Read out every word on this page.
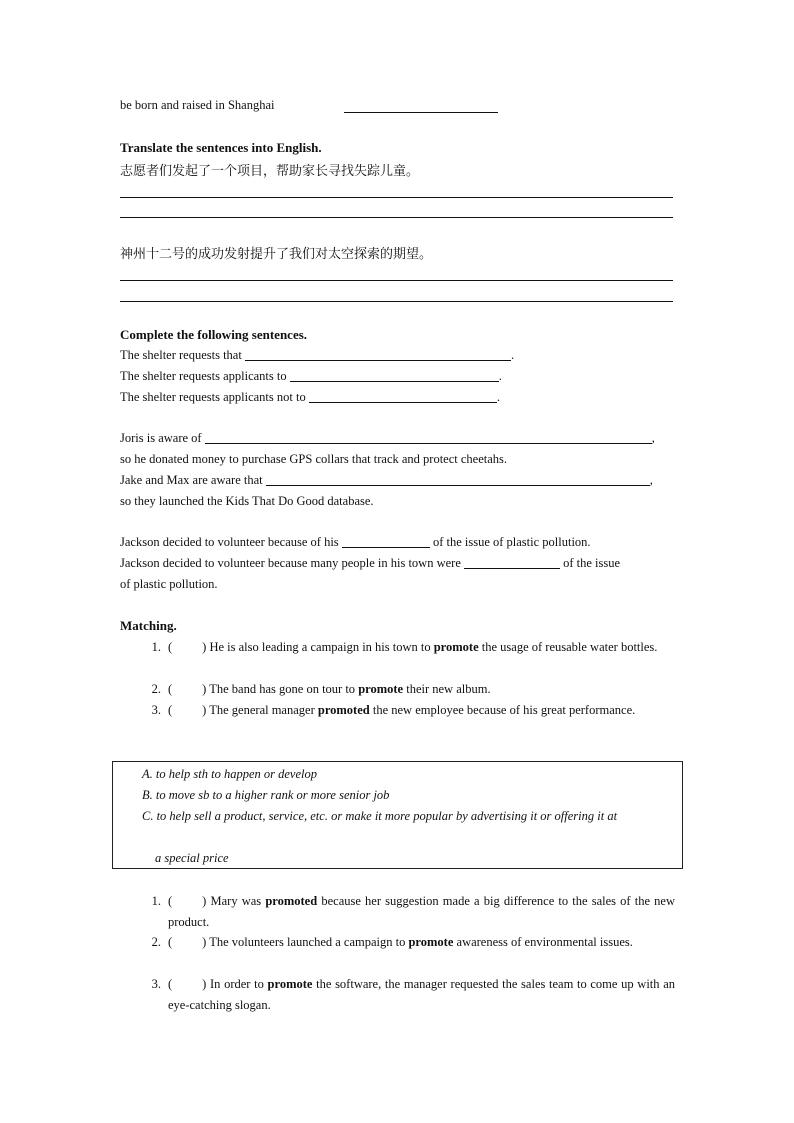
be born and raised in Shanghai
Translate the sentences into English.
志愿者们发起了一个项目，帮助家长寻找失踪儿童。
神州十二号的成功发射提升了我们对太空探索的期望。
Complete the following sentences.
The shelter requests that	.
The shelter requests applicants to	.
The shelter requests applicants not to	.
Joris is aware of	,
so he donated money to purchase GPS collars that track and protect cheetahs.
Jake and Max are aware that	,
so they launched the Kids That Do Good database.
Jackson decided to volunteer because of his	of the issue of plastic pollution.
Jackson decided to volunteer because many people in his town were	of the issue
of plastic pollution.
Matching.
1. ( ) He is also leading a campaign in his town to promote the usage of reusable water bottles.
2. ( ) The band has gone on tour to promote their new album.
3. ( ) The general manager promoted the new employee because of his great performance.
A. to help sth to happen or develop
B. to move sb to a higher rank or more senior job
C. to help sell a product, service, etc. or make it more popular by advertising it or offering it at
a special price
1. ( ) Mary was promoted because her suggestion made a big difference to the sales of the new product.
2. ( ) The volunteers launched a campaign to promote awareness of environmental issues.
3. ( ) In order to promote the software, the manager requested the sales team to come up with an eye-catching slogan.
